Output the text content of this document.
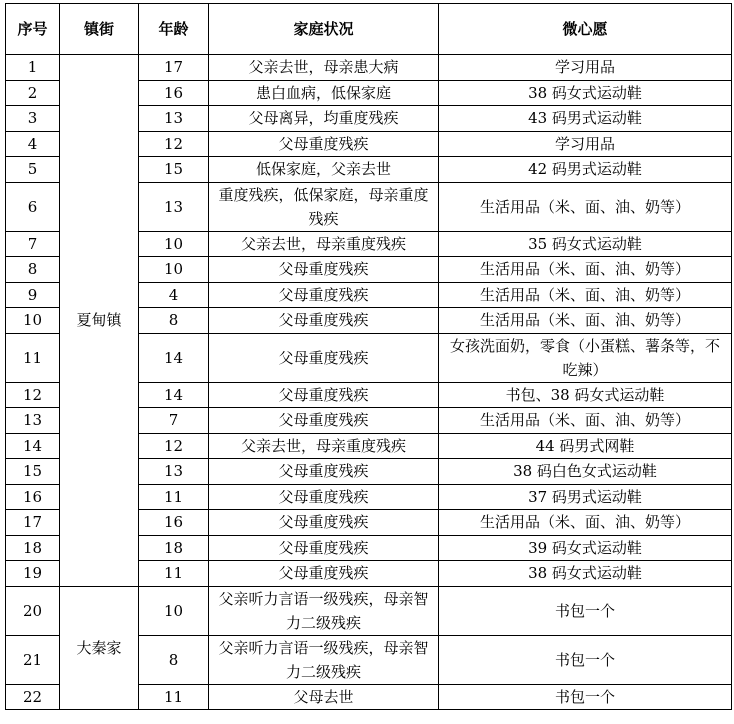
序号	镇街	年龄	家庭状况	微心愿
1	夏甸镇	17	父亲去世，母亲患大病	学习用品
2		16	患白血病，低保家庭	38 码女式运动鞋
3		13	父母离异，均重度残疾	43 码男式运动鞋
4		12	父母重度残疾	学习用品
5		15	低保家庭，父亲去世	42 码男式运动鞋
6		13	重度残疾，低保家庭，母亲重度残疾	生活用品（米、面、油、奶等）
7		10	父亲去世，母亲重度残疾	35 码女式运动鞋
8		10	父母重度残疾	生活用品（米、面、油、奶等）
9		4	父母重度残疾	生活用品（米、面、油、奶等）
10		8	父母重度残疾	生活用品（米、面、油、奶等）
11		14	父母重度残疾	女孩洗面奶，零食（小蛋糕、薯条等，不吃辣）
12		14	父母重度残疾	书包、38 码女式运动鞋
13		7	父母重度残疾	生活用品（米、面、油、奶等）
14		12	父亲去世，母亲重度残疾	44 码男式网鞋
15		13	父母重度残疾	38 码白色女式运动鞋
16		11	父母重度残疾	37 码男式运动鞋
17		16	父母重度残疾	生活用品（米、面、油、奶等）
18		18	父母重度残疾	39 码女式运动鞋
19		11	父母重度残疾	38 码女式运动鞋
20	大秦家	10	父亲听力言语一级残疾，母亲智力二级残疾	书包一个
21		8	父亲听力言语一级残疾，母亲智力二级残疾	书包一个
22		11	父母去世	书包一个
